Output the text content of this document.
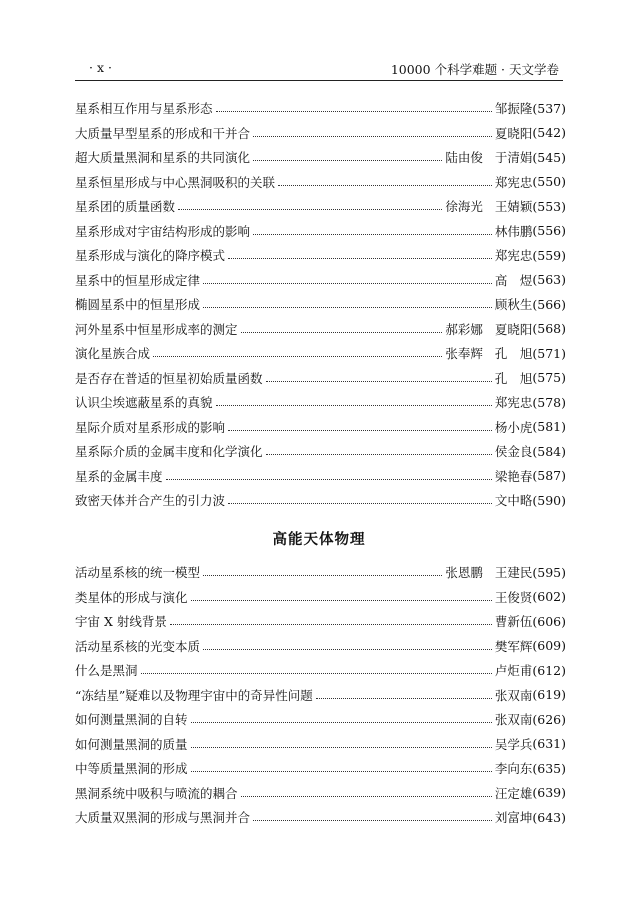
· x ·	10000 个科学难题 · 天文学卷
星系相互作用与星系形态	邹振隆 (537)
大质量早型星系的形成和干并合	夏晓阳 (542)
超大质量黑洞和星系的共同演化	陆由俊 于清娟 (545)
星系恒星形成与中心黑洞吸积的关联	郑宪忠 (550)
星系团的质量函数	徐海光 王婧颖 (553)
星系形成对宇宙结构形成的影响	林伟鹏 (556)
星系形成与演化的降序模式	郑宪忠 (559)
星系中的恒星形成定律	高　煜 (563)
椭圆星系中的恒星形成	顾秋生 (566)
河外星系中恒星形成率的测定	郝彩娜 夏晓阳 (568)
演化星族合成	张奉辉 孔　旭 (571)
是否存在普适的恒星初始质量函数	孔　旭 (575)
认识尘埃遮蔽星系的真貌	郑宪忠 (578)
星际介质对星系形成的影响	杨小虎 (581)
星系际介质的金属丰度和化学演化	侯金良 (584)
星系的金属丰度	梁艳春 (587)
致密天体并合产生的引力波	文中略 (590)
高能天体物理
活动星系核的统一模型	张恩鹏 王建民 (595)
类星体的形成与演化	王俊贤 (602)
宇宙 X 射线背景	曹新伍 (606)
活动星系核的光变本质	樊军辉 (609)
什么是黑洞	卢炬甫 (612)
“冻结星”疑难以及物理宇宙中的奇异性问题	张双南 (619)
如何测量黑洞的自转	张双南 (626)
如何测量黑洞的质量	吴学兵 (631)
中等质量黑洞的形成	李向东 (635)
黑洞系统中吸积与喷流的耦合	汪定雄 (639)
大质量双黑洞的形成与黑洞并合	刘富坤 (643)
